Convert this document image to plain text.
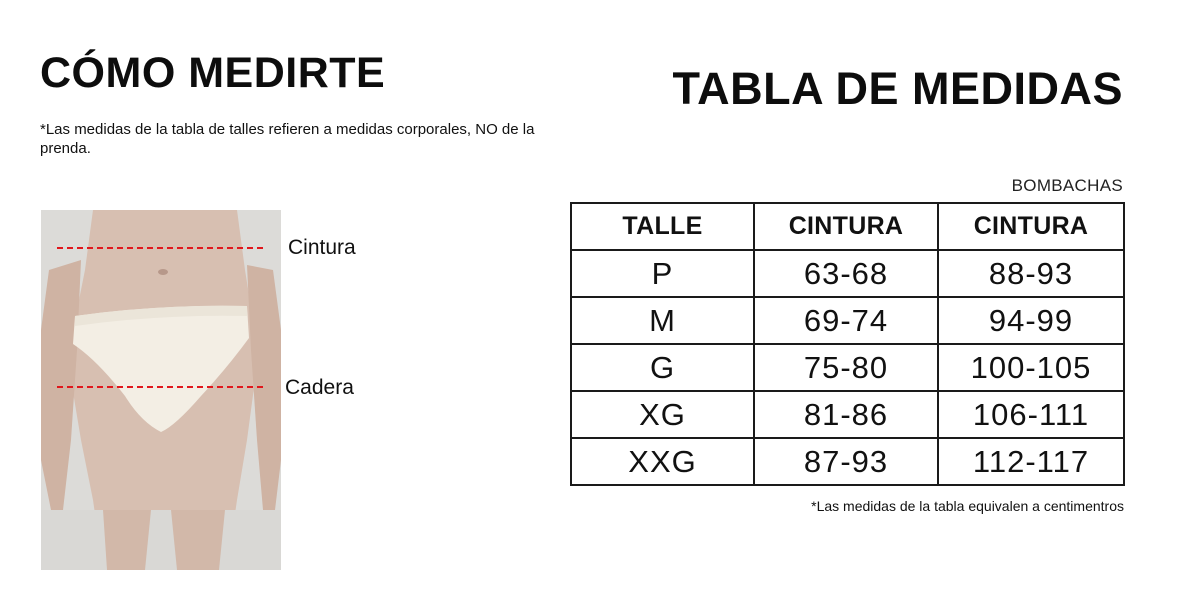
CÓMO MEDIRTE
*Las medidas de la tabla de talles refieren a medidas corporales, NO de la prenda.
Cintura
Cadera
TABLA DE MEDIDAS
BOMBACHAS
TALLE	CINTURA	CINTURA
P	63-68	88-93
M	69-74	94-99
G	75-80	100-105
XG	81-86	106-111
XXG	87-93	112-117
*Las medidas de la tabla equivalen a centimentros
